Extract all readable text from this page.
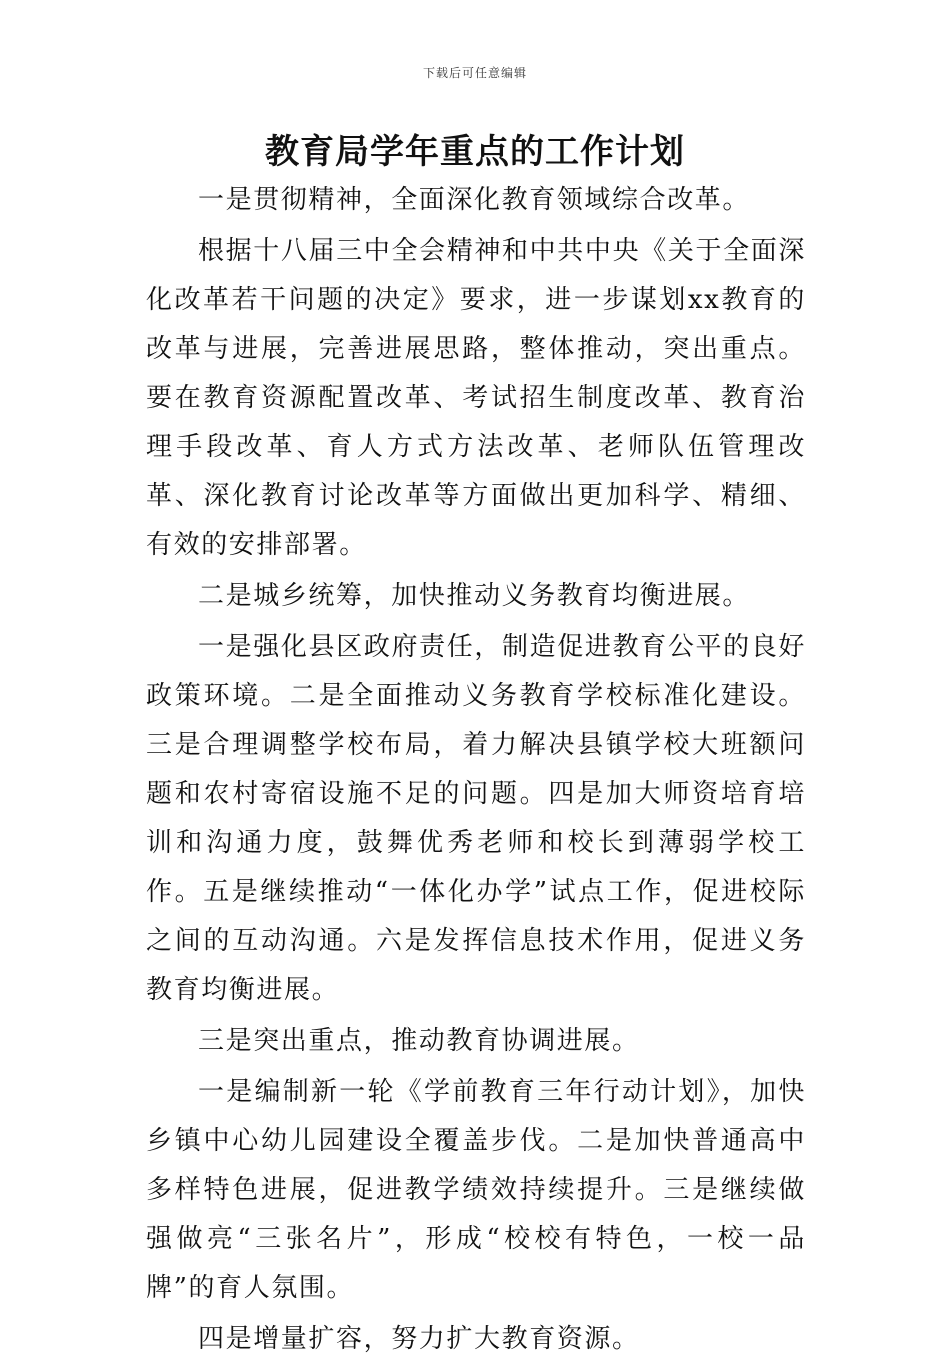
下载后可任意编辑
教育局学年重点的工作计划

一是贯彻精神，全面深化教育领域综合改革。

根据十八届三中全会精神和中共中央《关于全面深化改革若干问题的决定》要求，进一步谋划xx教育的改革与进展，完善进展思路，整体推动，突出重点。要在教育资源配置改革、考试招生制度改革、教育治理手段改革、育人方式方法改革、老师队伍管理改革、深化教育讨论改革等方面做出更加科学、精细、有效的安排部署。

二是城乡统筹，加快推动义务教育均衡进展。

一是强化县区政府责任，制造促进教育公平的良好政策环境。二是全面推动义务教育学校标准化建设。三是合理调整学校布局，着力解决县镇学校大班额问题和农村寄宿设施不足的问题。四是加大师资培育培训和沟通力度，鼓舞优秀老师和校长到薄弱学校工作。五是继续推动“一体化办学”试点工作，促进校际之间的互动沟通。六是发挥信息技术作用，促进义务教育均衡进展。

三是突出重点，推动教育协调进展。

一是编制新一轮《学前教育三年行动计划》，加快乡镇中心幼儿园建设全覆盖步伐。二是加快普通高中多样特色进展，促进教学绩效持续提升。三是继续做强做亮“三张名片”，形成“校校有特色，一校一品牌”的育人氛围。

四是增量扩容，努力扩大教育资源。
